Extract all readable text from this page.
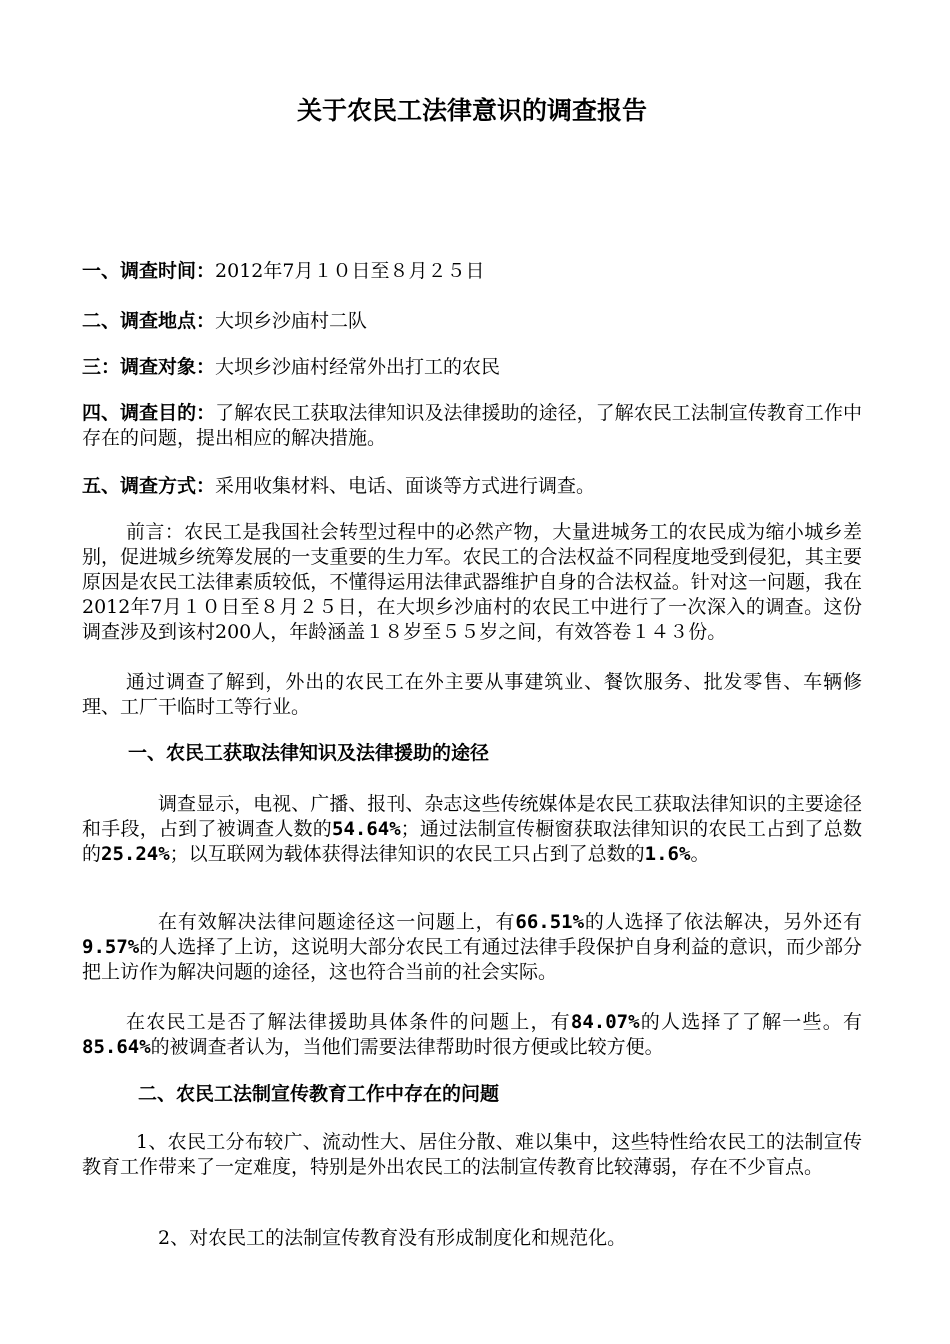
关于农民工法律意识的调查报告

一、调查时间：2012年7月１０日至８月２５日

二、调查地点：大坝乡沙庙村二队

三：调查对象：大坝乡沙庙村经常外出打工的农民

四、调查目的：了解农民工获取法律知识及法律援助的途径，了解农民工法制宣传教育工作中存在的问题，提出相应的解决措施。

五、调查方式：采用收集材料、电话、面谈等方式进行调查。

前言：农民工是我国社会转型过程中的必然产物，大量进城务工的农民成为缩小城乡差别，促进城乡统筹发展的一支重要的生力军。农民工的合法权益不同程度地受到侵犯，其主要原因是农民工法律素质较低，不懂得运用法律武器维护自身的合法权益。针对这一问题，我在2012年7月１０日至８月２５日，在大坝乡沙庙村的农民工中进行了一次深入的调查。这份调查涉及到该村200人，年龄涵盖１８岁至５５岁之间，有效答卷１４３份。

通过调查了解到，外出的农民工在外主要从事建筑业、餐饮服务、批发零售、车辆修理、工厂干临时工等行业。

一、农民工获取法律知识及法律援助的途径

调查显示，电视、广播、报刊、杂志这些传统媒体是农民工获取法律知识的主要途径和手段，占到了被调查人数的54.64%；通过法制宣传橱窗获取法律知识的农民工占到了总数的25.24%；以互联网为载体获得法律知识的农民工只占到了总数的1.6%。

在有效解决法律问题途径这一问题上，有66.51%的人选择了依法解决，另外还有9.57%的人选择了上访，这说明大部分农民工有通过法律手段保护自身利益的意识，而少部分把上访作为解决问题的途径，这也符合当前的社会实际。

在农民工是否了解法律援助具体条件的问题上，有84.07%的人选择了了解一些。有85.64%的被调查者认为，当他们需要法律帮助时很方便或比较方便。

二、农民工法制宣传教育工作中存在的问题

1、农民工分布较广、流动性大、居住分散、难以集中，这些特性给农民工的法制宣传教育工作带来了一定难度，特别是外出农民工的法制宣传教育比较薄弱，存在不少盲点。

2、对农民工的法制宣传教育没有形成制度化和规范化。
